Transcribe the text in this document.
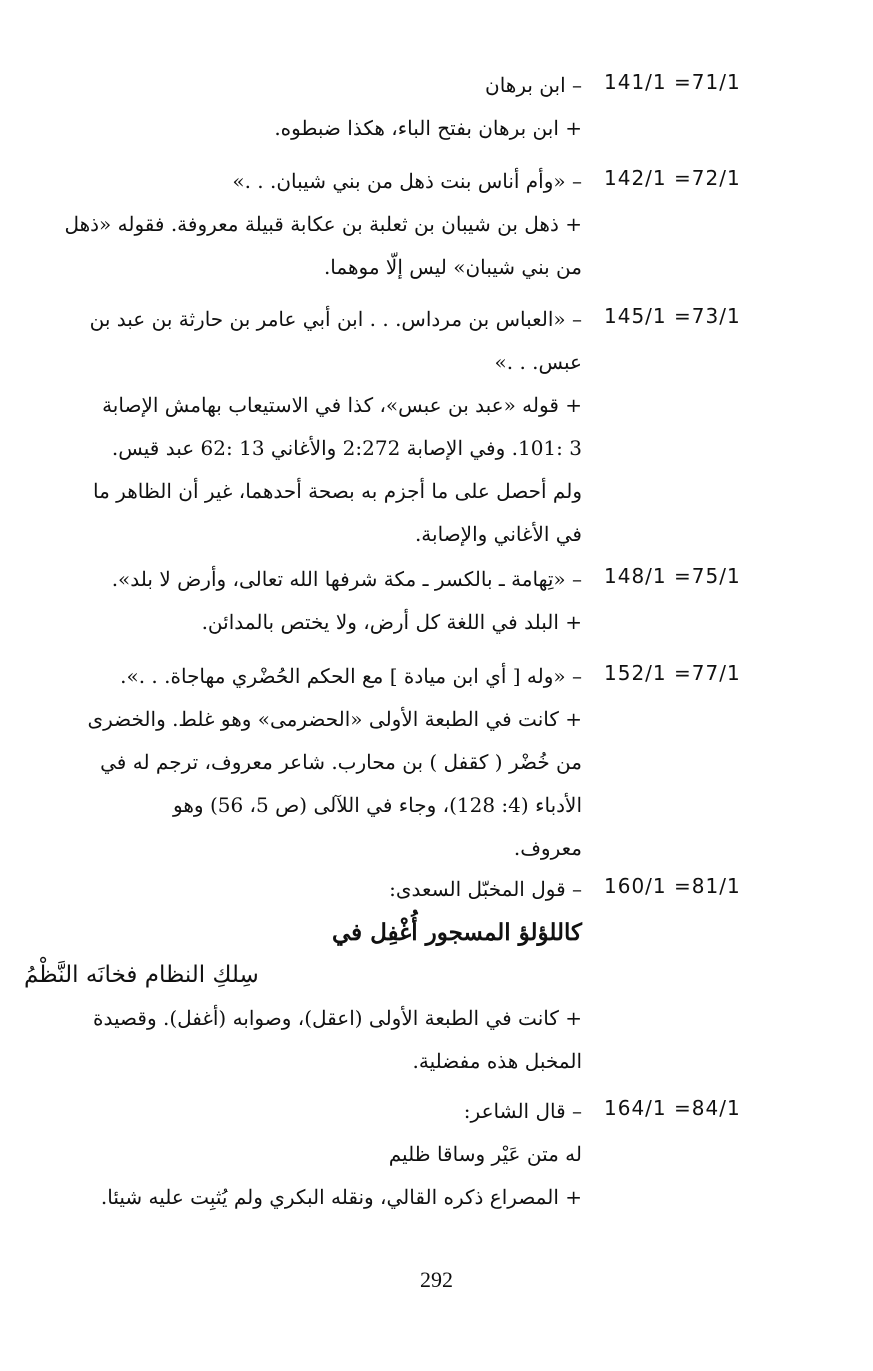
141/1 =71/1
– ابن برهان
+ ابن برهان بفتح الباء، هكذا ضبطوه.
142/1 =72/1
– «وأم أناس بنت ذهل من بني شيبان. . .»
+ ذهل بن شيبان بن ثعلبة بن عكابة قبيلة معروفة. فقوله «ذهل
من بني شيبان» ليس إلّا موهما.
145/1 =73/1
– «العباس بن مرداس. . . ابن أبي عامر بن حارثة بن عبد بن
عبس. . .»
+ قوله «عبد بن عبس»، كذا في الاستيعاب بهامش الإصابة
3 :101. وفي الإصابة 2:272 والأغاني 13 :62 عبد قيس.
ولم أحصل على ما أجزم به بصحة أحدهما، غير أن الظاهر ما
في الأغاني والإصابة.
148/1 =75/1
– «تِهامة ـ بالكسر ـ مكة شرفها الله تعالى، وأرض لا بلد».
+ البلد في اللغة كل أرض، ولا يختص بالمدائن.
152/1 =77/1
– «وله [ أي ابن ميادة ] مع الحكم الحُضْري مهاجاة. . .».
+ كانت في الطبعة الأولى «الحضرمى» وهو غلط. والخضرى
من خُضْر ( كقفل ) بن محارب. شاعر معروف، ترجم له في
الأدباء (4: 128)، وجاء في اللآلى (ص 5، 56) وهو
معروف.
160/1 =81/1
– قول المخبّل السعدى:
كاللؤلؤ المسجور أُغْفِل في
سِلكِ النظام فخانَه النَّظْمُ
+ كانت في الطبعة الأولى (اعقل)، وصوابه (أغفل). وقصيدة
المخبل هذه مفضلية.
164/1 =84/1
– قال الشاعر:
له متن عَيْر وساقا ظليم
+ المصراع ذكره القالي، ونقله البكري ولم يُثبِت عليه شيئا.
292
